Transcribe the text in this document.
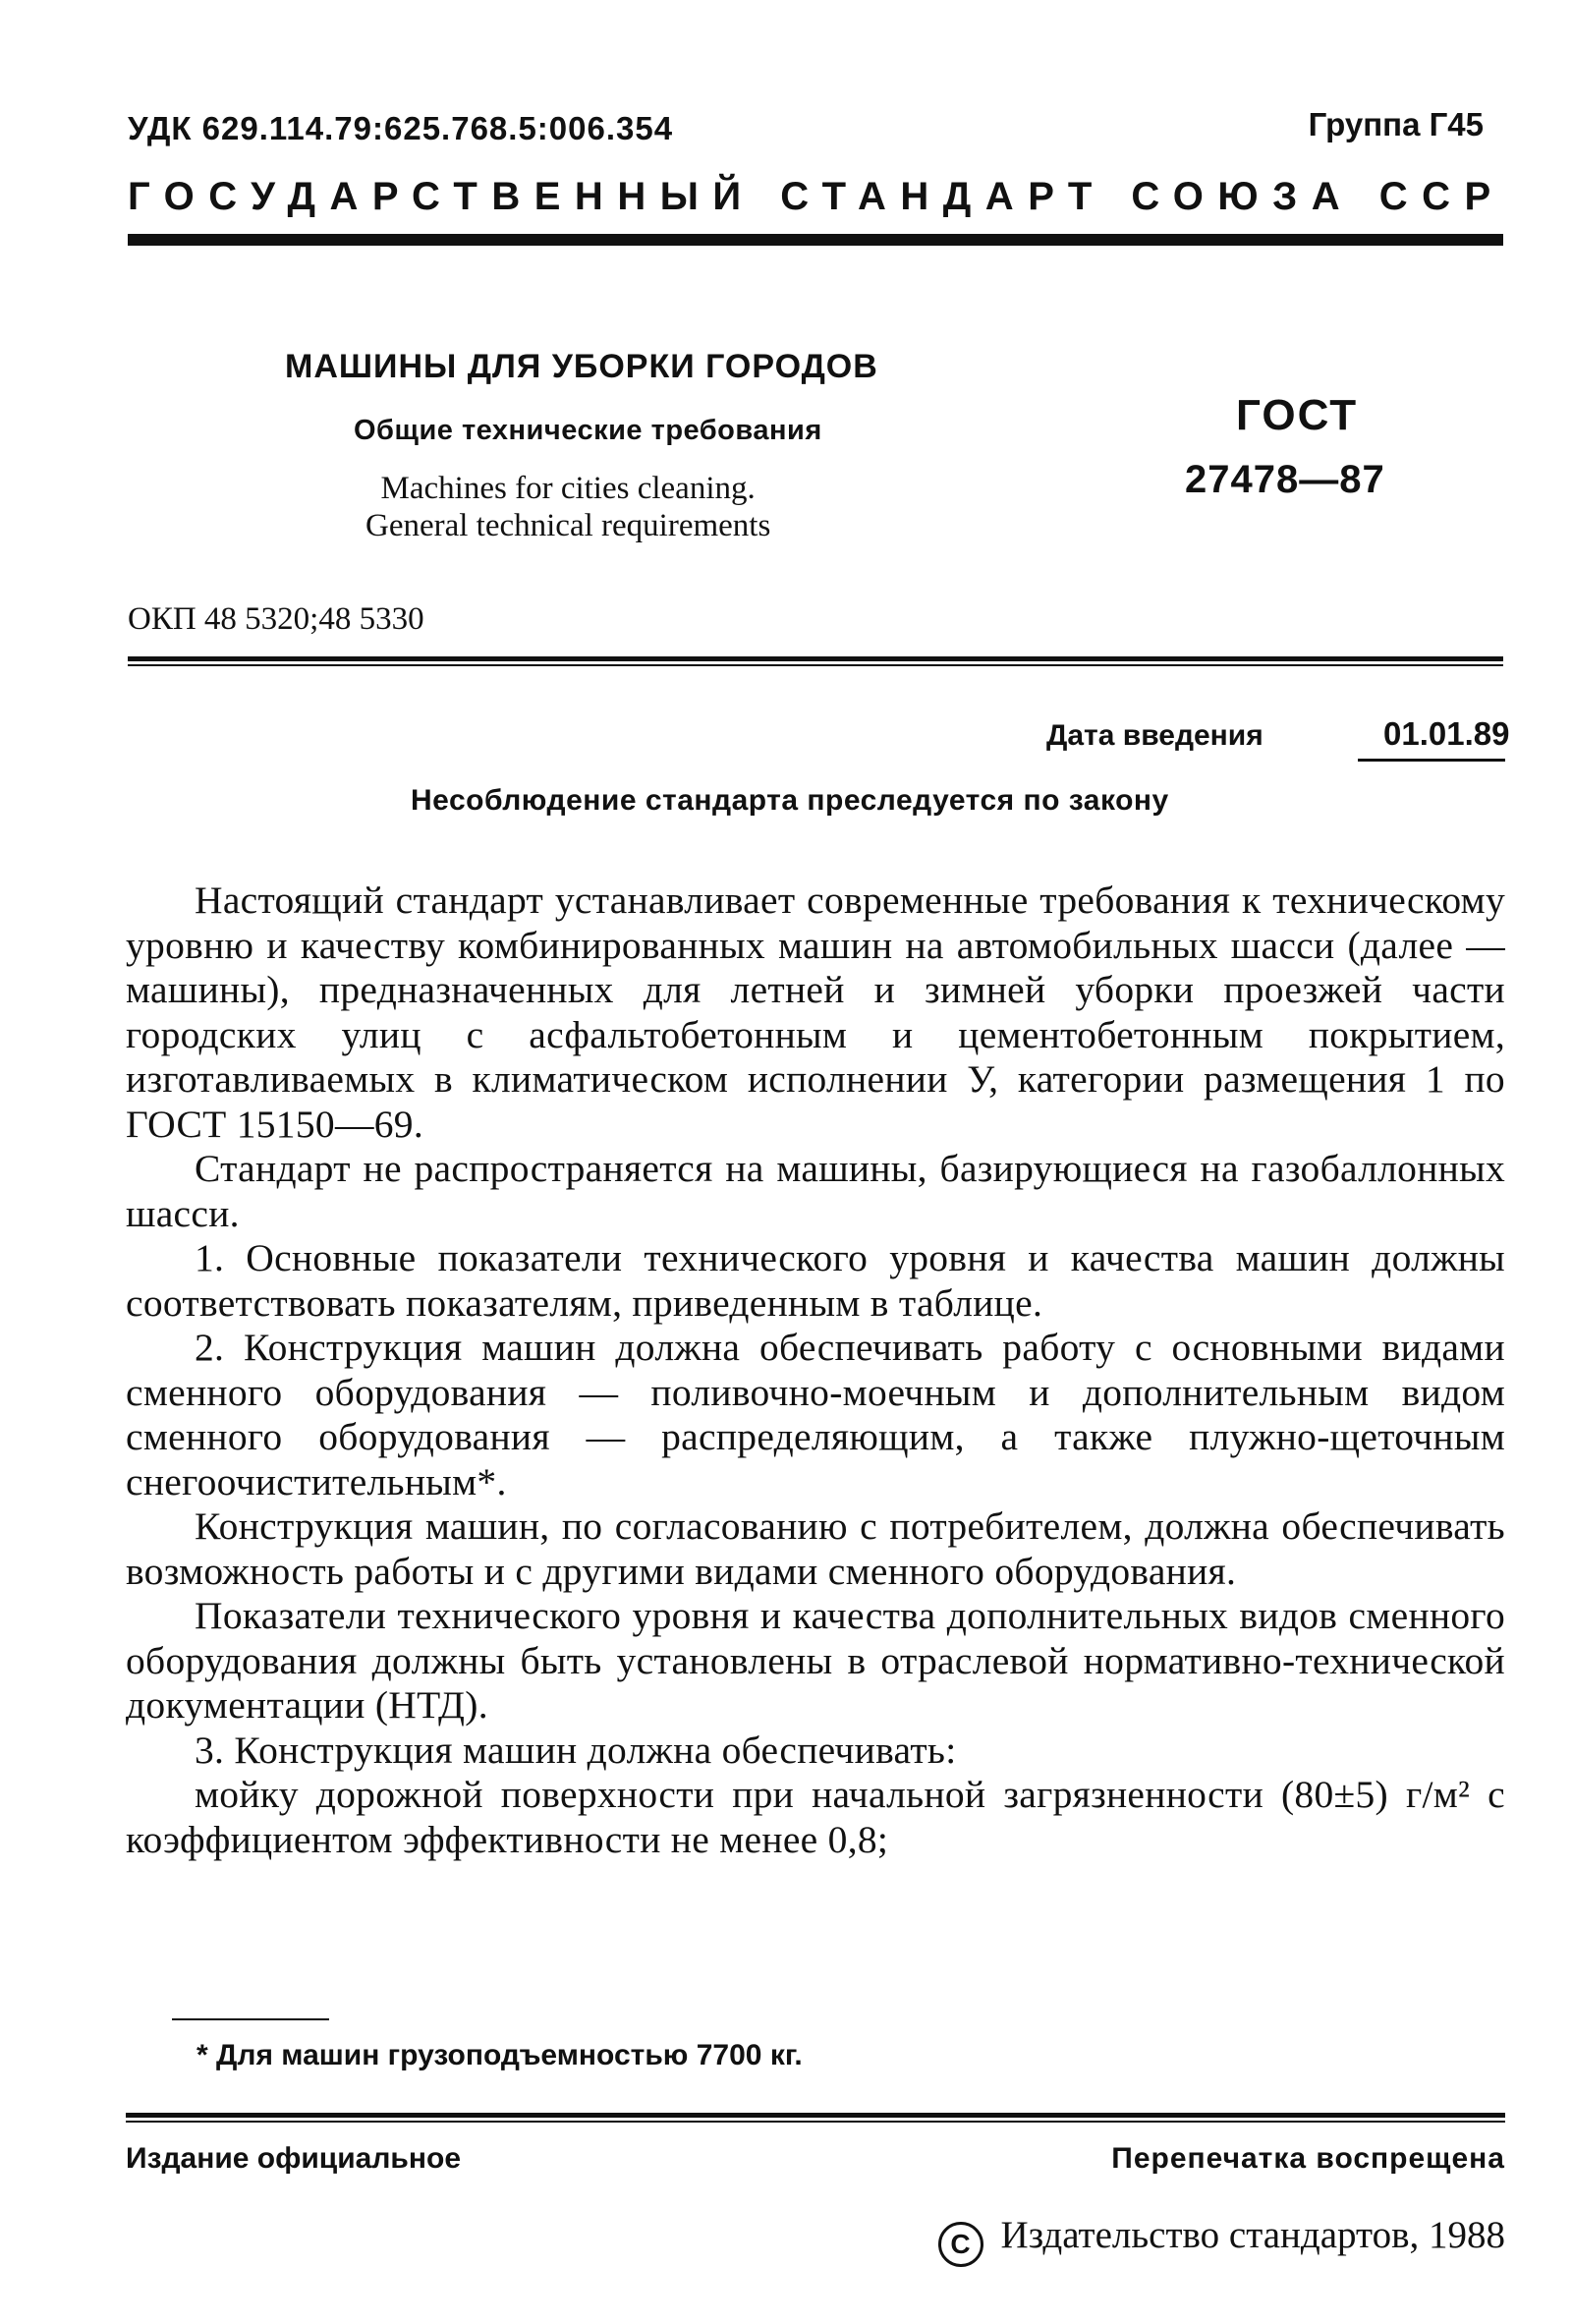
УДК 629.114.79:625.768.5:006.354	Группа Г45
ГОСУДАРСТВЕННЫЙ СТАНДАРТ СОЮЗА ССР
МАШИНЫ ДЛЯ УБОРКИ ГОРОДОВ
Общие технические требования
Machines for cities cleaning.
General technical requirements
ГОСТ
27478—87
ОКП 48 5320;48 5330
Дата введения	01.01.89
Несоблюдение стандарта преследуется по закону

Настоящий стандарт устанавливает современные требования к техническому уровню и качеству комбинированных машин на автомобильных шасси (далее — машины), предназначенных для летней и зимней уборки проезжей части городских улиц с асфальтобетонным и цементобетонным покрытием, изготавливаемых в климатическом исполнении У, категории размещения 1 по ГОСТ 15150—69.

Стандарт не распространяется на машины, базирующиеся на газобаллонных шасси.

1. Основные показатели технического уровня и качества машин должны соответствовать показателям, приведенным в таблице.

2. Конструкция машин должна обеспечивать работу с основными видами сменного оборудования — поливочно-моечным и дополнительным видом сменного оборудования — распределяющим, а также плужно-щеточным снегоочистительным*.

Конструкция машин, по согласованию с потребителем, должна обеспечивать возможность работы и с другими видами сменного оборудования.

Показатели технического уровня и качества дополнительных видов сменного оборудования должны быть установлены в отраслевой нормативно-технической документации (НТД).

3. Конструкция машин должна обеспечивать:

мойку дорожной поверхности при начальной загрязненности (80±5) г/м² с коэффициентом эффективности не менее 0,8;

* Для машин грузоподъемностью 7700 кг.
Издание официальное	Перепечатка воспрещена
С Издательство стандартов, 1988
